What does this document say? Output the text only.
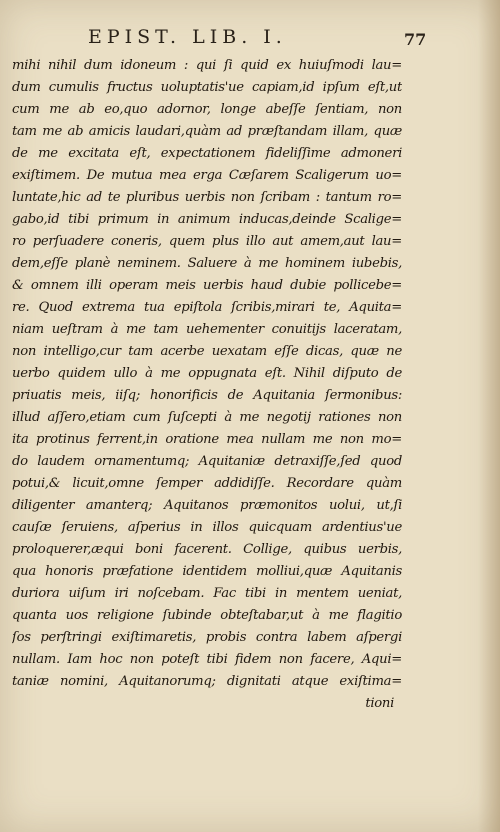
EPIST. LIB. I.	77
mihi nihil dum idoneum : qui ſi quid ex huiuſmodi lau=
dum cumulis fructus uoluptatis'ue capiam,id ipſum eſt,ut
cum me ab eo,quo adornor, longe abeſſe ſentiam, non
tam me ab amicis laudari,quàm ad præſtandam illam, quæ
de me excitata eſt, expectationem fideliſſime admoneri
exiſtimem. De mutua mea erga Cæſarem Scaligerum uo=
luntate,hic ad te pluribus uerbis non ſcribam : tantum ro=
gabo,id tibi primum in animum inducas,deinde Scalige=
ro perſuadere coneris, quem plus illo aut amem,aut lau=
dem,eſſe planè neminem. Saluere à me hominem iubebis,
& omnem illi operam meis uerbis haud dubie pollicebe=
re. Quod extrema tua epiſtola ſcribis,mirari te, Aquita=
niam ueſtram à me tam uehementer conuitijs laceratam,
non intelligo,cur tam acerbe uexatam eſſe dicas, quæ ne
uerbo quidem ullo à me oppugnata eſt. Nihil diſputo de
priuatis meis, iiſq; honorificis de Aquitania ſermonibus:
illud aſſero,etiam cum ſuſcepti à me negotij rationes non
ita protinus ferrent,in oratione mea nullam me non mo=
do laudem ornamentumq; Aquitaniæ detraxiſſe,ſed quod
potui,& licuit,omne ſemper addidiſſe. Recordare quàm
diligenter amanterq; Aquitanos præmonitos uolui, ut,ſi
cauſæ ſeruiens, aſperius in illos quicquam ardentius'ue
proloquerer,æqui boni facerent. Collige, quibus uerbis,
qua honoris præfatione identidem molliui,quæ Aquitanis
duriora uiſum iri noſcebam. Fac tibi in mentem ueniat,
quanta uos religione ſubinde obteſtabar,ut à me flagitio
ſos perſtringi exiſtimaretis, probis contra labem aſpergi
nullam. Iam hoc non poteſt tibi fidem non facere, Aqui=
taniæ nomini, Aquitanorumq; dignitati atque exiſtima=
tioni
